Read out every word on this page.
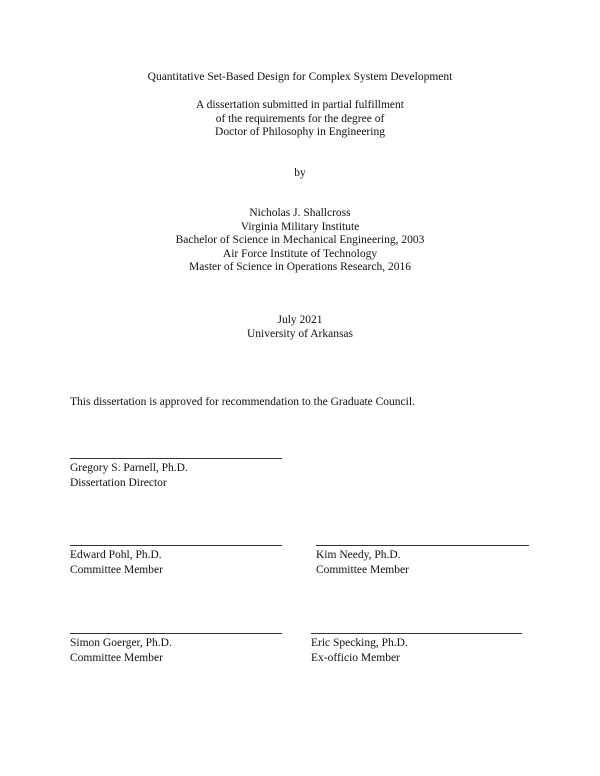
Quantitative Set-Based Design for Complex System Development
A dissertation submitted in partial fulfillment
of the requirements for the degree of
Doctor of Philosophy in Engineering
by
Nicholas J. Shallcross
Virginia Military Institute
Bachelor of Science in Mechanical Engineering, 2003
Air Force Institute of Technology
Master of Science in Operations Research, 2016
July 2021
University of Arkansas
This dissertation is approved for recommendation to the Graduate Council.
Gregory S. Parnell, Ph.D.
Dissertation Director
Edward Pohl, Ph.D.
Committee Member
Kim Needy, Ph.D.
Committee Member
Simon Goerger, Ph.D.
Committee Member
Eric Specking, Ph.D.
Ex-officio Member
